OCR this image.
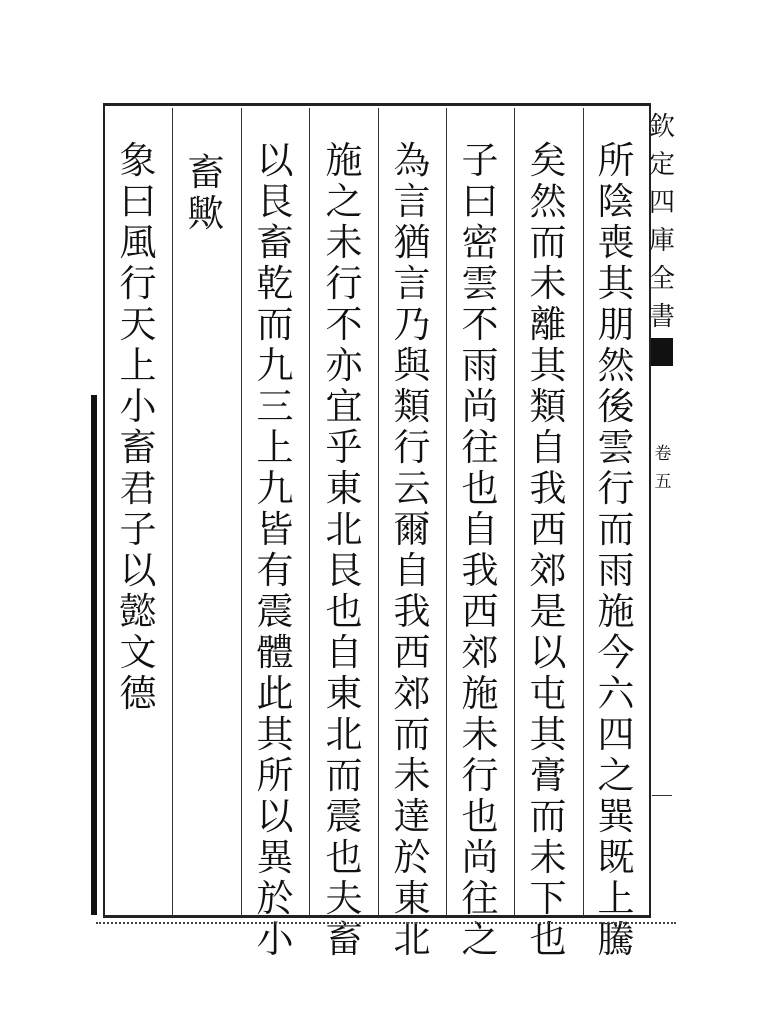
所
陰
喪
其
朋
然
後
雲
行
而
雨
施
今
六
四
之
巽
既
上
騰
矣
然
而
未
離
其
類
自
我
西
郊
是
以
屯
其
膏
而
未
下
也
子
曰
密
雲
不
雨
尚
往
也
自
我
西
郊
施
未
行
也
尚
往
之
為
言
猶
言
乃
與
類
行
云
爾
自
我
西
郊
而
未
達
於
東
北
施
之
未
行
不
亦
宜
乎
東
北
艮
也
自
東
北
而
震
也
夫
畜
以
艮
畜
乾
而
九
三
上
九
皆
有
震
體
此
其
所
以
異
於
小
畜
歟
象
曰
風
行
天
上
小
畜
君
子
以
懿
文
德
欽
定
四
庫
全
書
卷
五
